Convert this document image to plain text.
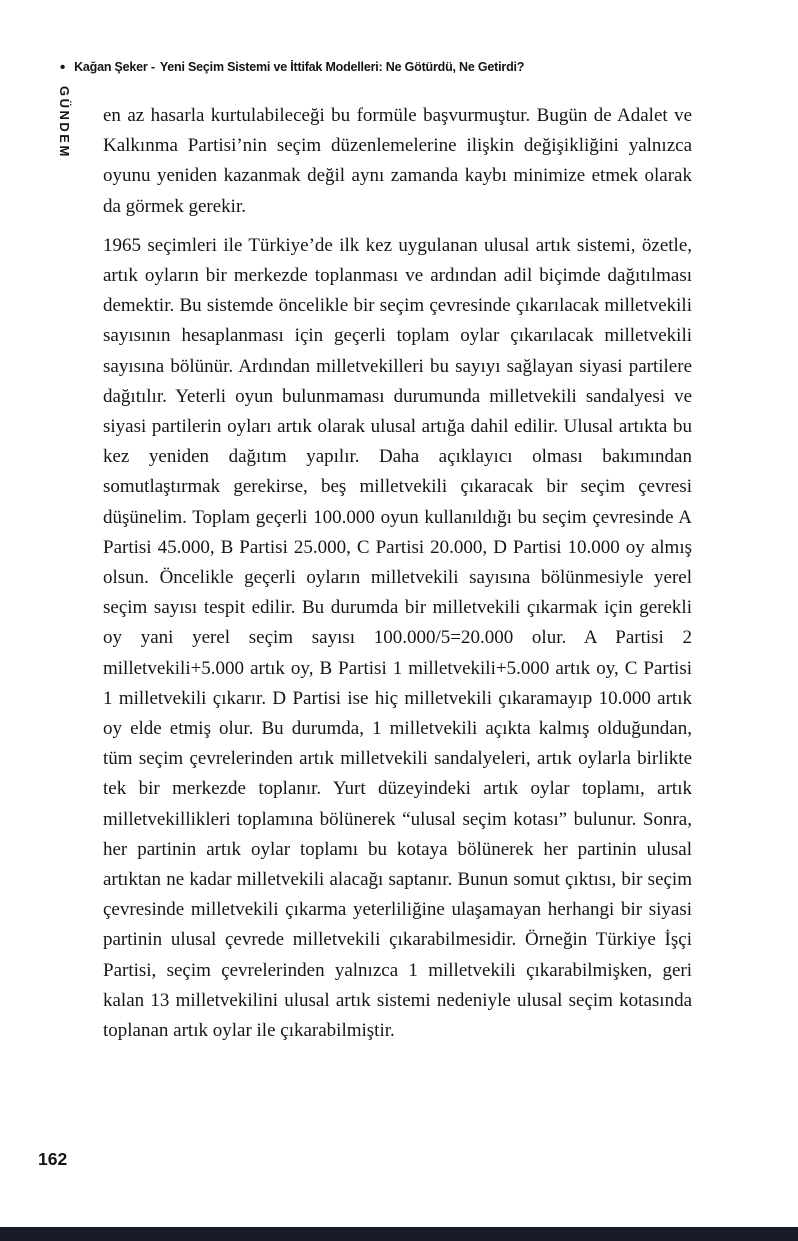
• Kağan Şeker - Yeni Seçim Sistemi ve İttifak Modelleri: Ne Götürdü, Ne Getirdi?
GÜNDEM en az hasarla kurtulabileceği bu formüle başvurmuştur. Bugün de Adalet ve Kalkınma Partisi’nin seçim düzenlemelerine ilişkin değişikliğini yalnızca oyunu yeniden kazanmak değil aynı zamanda kaybı minimize etmek olarak da görmek gerekir.

1965 seçimleri ile Türkiye’de ilk kez uygulanan ulusal artık sistemi, özetle, artık oyların bir merkezde toplanması ve ardından adil biçimde dağıtılması demektir. Bu sistemde öncelikle bir seçim çevresinde çıkarılacak milletvekili sayısının hesaplanması için geçerli toplam oylar çıkarılacak milletvekili sayısına bölünür. Ardından milletvekilleri bu sayıyı sağlayan siyasi partilere dağıtılır. Yeterli oyun bulunmaması durumunda milletvekili sandalyesi ve siyasi partilerin oyları artık olarak ulusal artığa dahil edilir. Ulusal artıkta bu kez yeniden dağıtım yapılır. Daha açıklayıcı olması bakımından somutlaştırmak gerekirse, beş milletvekili çıkaracak bir seçim çevresi düşünelim. Toplam geçerli 100.000 oyun kullanıldığı bu seçim çevresinde A Partisi 45.000, B Partisi 25.000, C Partisi 20.000, D Partisi 10.000 oy almış olsun. Öncelikle geçerli oyların milletvekili sayısına bölünmesiyle yerel seçim sayısı tespit edilir. Bu durumda bir milletvekili çıkarmak için gerekli oy yani yerel seçim sayısı 100.000/5=20.000 olur. A Partisi 2 milletvekili+5.000 artık oy, B Partisi 1 milletvekili+5.000 artık oy, C Partisi 1 milletvekili çıkarır. D Partisi ise hiç milletvekili çıkaramayıp 10.000 artık oy elde etmiş olur. Bu durumda, 1 milletvekili açıkta kalmış olduğundan, tüm seçim çevrelerinden artık milletvekili sandalyeleri, artık oylarla birlikte tek bir merkezde toplanır. Yurt düzeyindeki artık oylar toplamı, artık milletvekillikleri toplamına bölünerek “ulusal seçim kotası” bulunur. Sonra, her partinin artık oylar toplamı bu kotaya bölünerek her partinin ulusal artıktan ne kadar milletvekili alacağı saptanır. Bunun somut çıktısı, bir seçim çevresinde milletvekili çıkarma yeterliliğine ulaşamayan herhangi bir siyasi partinin ulusal çevrede milletvekili çıkarabilmesidir. Örneğin Türkiye İşçi Partisi, seçim çevrelerinden yalnızca 1 milletvekili çıkarabilmişken, geri kalan 13 milletvekilini ulusal artık sistemi nedeniyle ulusal seçim kotasında toplanan artık oylar ile çıkarabilmiştir.

162
